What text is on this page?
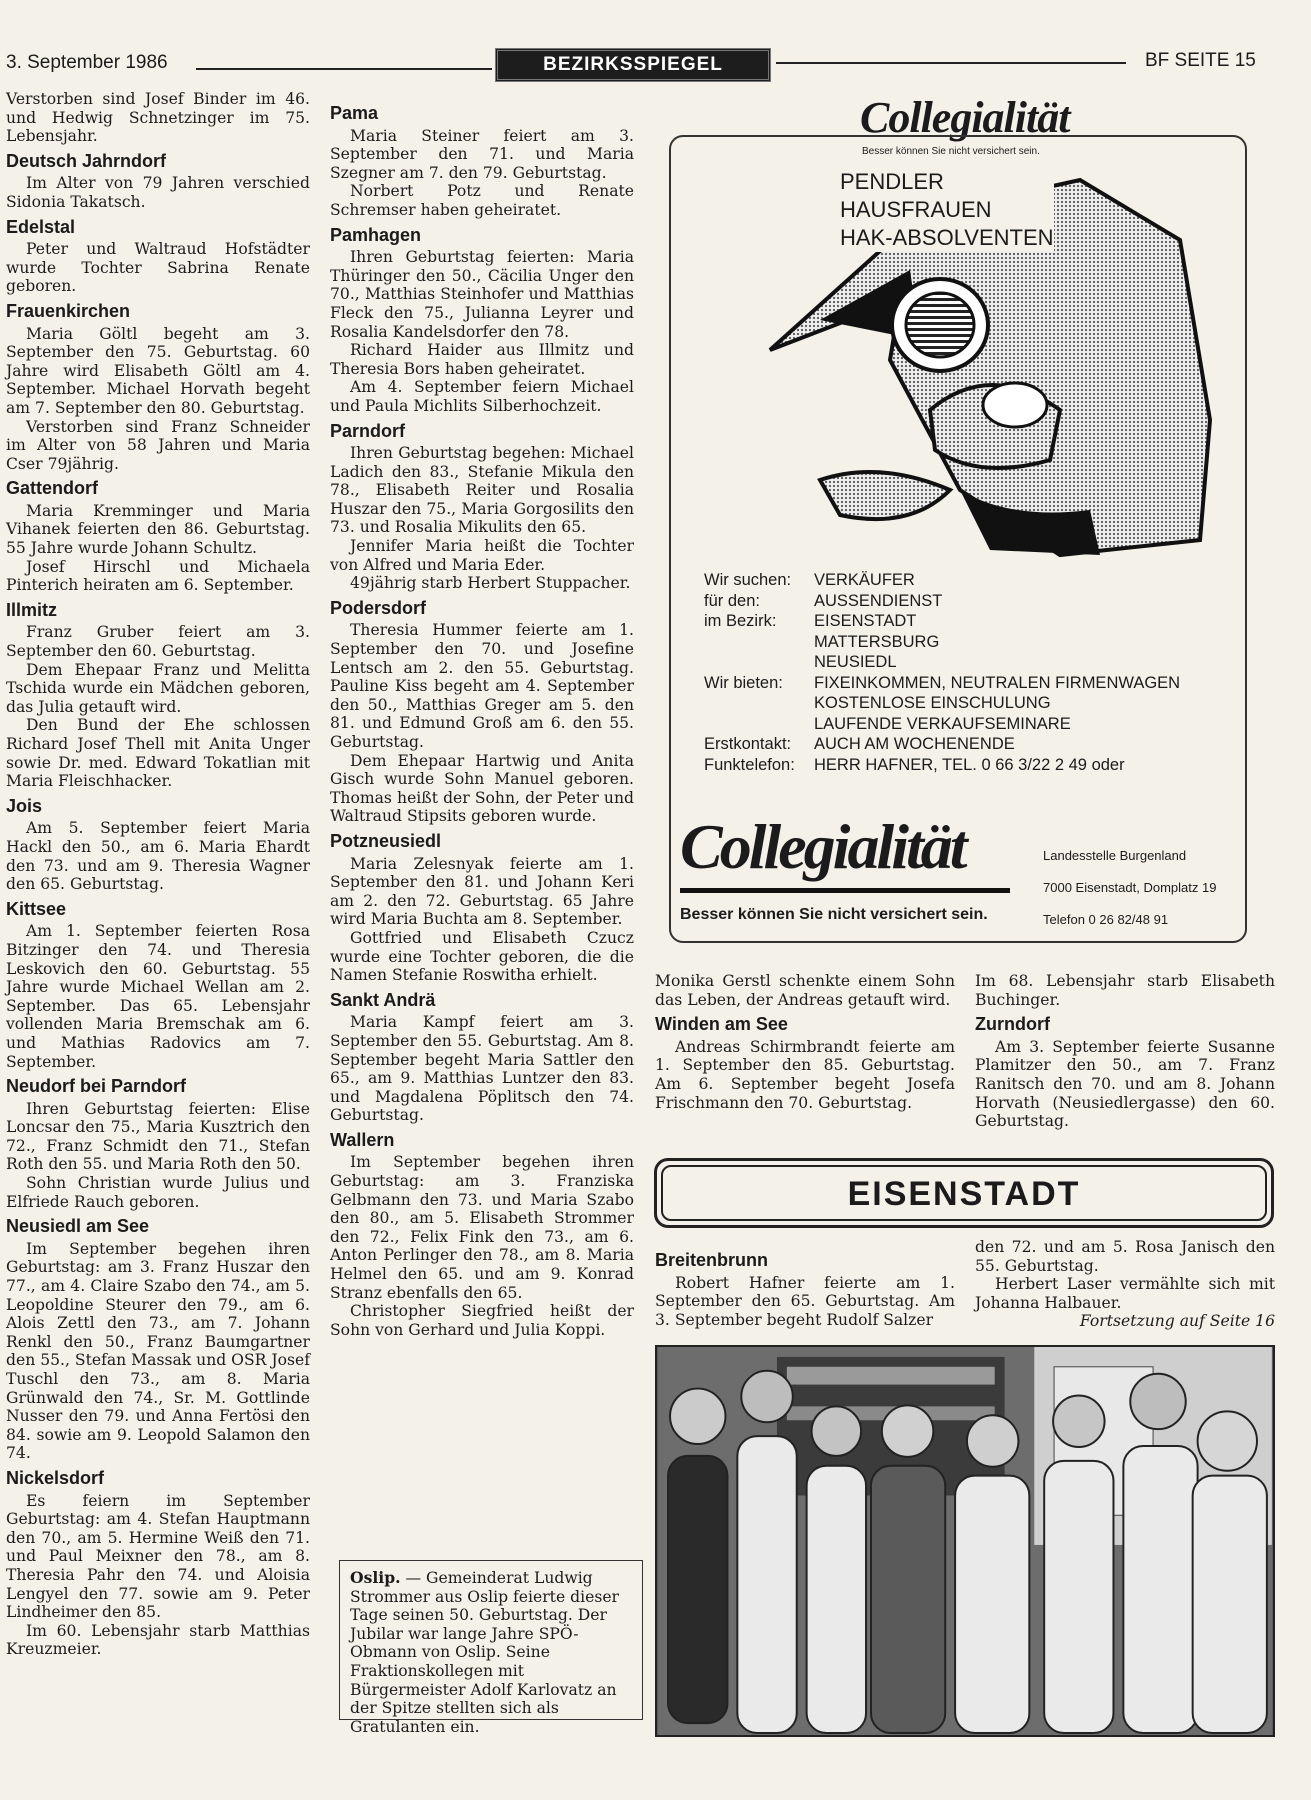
3. September 1986	BEZIRKSSPIEGEL	BF SEITE 15

Verstorben sind Josef Binder im 46. und Hedwig Schnetzinger im 75. Lebensjahr.

Deutsch Jahrndorf

Im Alter von 79 Jahren verschied Sidonia Takatsch.

Edelstal

Peter und Waltraud Hofstädter wurde Tochter Sabrina Renate geboren.

Frauenkirchen

Maria Göltl begeht am 3. September den 75. Geburtstag. 60 Jahre wird Elisabeth Göltl am 4. September. Michael Horvath begeht am 7. September den 80. Geburtstag.

Verstorben sind Franz Schneider im Alter von 58 Jahren und Maria Cser 79jährig.

Gattendorf

Maria Kremminger und Maria Vihanek feierten den 86. Geburtstag. 55 Jahre wurde Johann Schultz.

Josef Hirschl und Michaela Pinterich heiraten am 6. September.

Illmitz

Franz Gruber feiert am 3. September den 60. Geburtstag.

Dem Ehepaar Franz und Melitta Tschida wurde ein Mädchen geboren, das Julia getauft wird.

Den Bund der Ehe schlossen Richard Josef Thell mit Anita Unger sowie Dr. med. Edward Tokatlian mit Maria Fleischhacker.

Jois

Am 5. September feiert Maria Hackl den 50., am 6. Maria Ehardt den 73. und am 9. Theresia Wagner den 65. Geburtstag.

Kittsee

Am 1. September feierten Rosa Bitzinger den 74. und Theresia Leskovich den 60. Geburtstag. 55 Jahre wurde Michael Wellan am 2. September. Das 65. Lebensjahr vollenden Maria Bremschak am 6. und Mathias Radovics am 7. September.

Neudorf bei Parndorf

Ihren Geburtstag feierten: Elise Loncsar den 75., Maria Kusztrich den 72., Franz Schmidt den 71., Stefan Roth den 55. und Maria Roth den 50.

Sohn Christian wurde Julius und Elfriede Rauch geboren.

Neusiedl am See

Im September begehen ihren Geburtstag: am 3. Franz Huszar den 77., am 4. Claire Szabo den 74., am 5. Leopoldine Steurer den 79., am 6. Alois Zettl den 73., am 7. Johann Renkl den 50., Franz Baumgartner den 55., Stefan Massak und OSR Josef Tuschl den 73., am 8. Maria Grünwald den 74., Sr. M. Gottlinde Nusser den 79. und Anna Fertösi den 84. sowie am 9. Leopold Salamon den 74.

Nickelsdorf

Es feiern im September Geburtstag: am 4. Stefan Hauptmann den 70., am 5. Hermine Weiß den 71. und Paul Meixner den 78., am 8. Theresia Pahr den 74. und Aloisia Lengyel den 77. sowie am 9. Peter Lindheimer den 85.

Im 60. Lebensjahr starb Matthias Kreuzmeier.

Pama

Maria Steiner feiert am 3. September den 71. und Maria Szegner am 7. den 79. Geburtstag.

Norbert Potz und Renate Schremser haben geheiratet.

Pamhagen

Ihren Geburtstag feierten: Maria Thüringer den 50., Cäcilia Unger den 70., Matthias Steinhofer und Matthias Fleck den 75., Julianna Leyrer und Rosalia Kandelsdorfer den 78.

Richard Haider aus Illmitz und Theresia Bors haben geheiratet.

Am 4. September feiern Michael und Paula Michlits Silberhochzeit.

Parndorf

Ihren Geburtstag begehen: Michael Ladich den 83., Stefanie Mikula den 78., Elisabeth Reiter und Rosalia Huszar den 75., Maria Gorgosilits den 73. und Rosalia Mikulits den 65.

Jennifer Maria heißt die Tochter von Alfred und Maria Eder.

49jährig starb Herbert Stuppacher.

Podersdorf

Theresia Hummer feierte am 1. September den 70. und Josefine Lentsch am 2. den 55. Geburtstag. Pauline Kiss begeht am 4. September den 50., Matthias Greger am 5. den 81. und Edmund Groß am 6. den 55. Geburtstag.

Dem Ehepaar Hartwig und Anita Gisch wurde Sohn Manuel geboren. Thomas heißt der Sohn, der Peter und Waltraud Stipsits geboren wurde.

Potzneusiedl

Maria Zelesnyak feierte am 1. September den 81. und Johann Keri am 2. den 72. Geburtstag. 65 Jahre wird Maria Buchta am 8. September.

Gottfried und Elisabeth Czucz wurde eine Tochter geboren, die die Namen Stefanie Roswitha erhielt.

Sankt Andrä

Maria Kampf feiert am 3. September den 55. Geburtstag. Am 8. September begeht Maria Sattler den 65., am 9. Matthias Luntzer den 83. und Magdalena Pöplitsch den 74. Geburtstag.

Wallern

Im September begehen ihren Geburtstag: am 3. Franziska Gelbmann den 73. und Maria Szabo den 80., am 5. Elisabeth Strommer den 72., Felix Fink den 73., am 6. Anton Perlinger den 78., am 8. Maria Helmel den 65. und am 9. Konrad Stranz ebenfalls den 65.

Christopher Siegfried heißt der Sohn von Gerhard und Julia Koppi.

Monika Gerstl schenkte einem Sohn das Leben, der Andreas getauft wird.

Winden am See

Andreas Schirmbrandt feierte am 1. September den 85. Geburtstag. Am 6. September begeht Josefa Frischmann den 70. Geburtstag.

Im 68. Lebensjahr starb Elisabeth Buchinger.

Zurndorf

Am 3. September feierte Susanne Plamitzer den 50., am 7. Franz Ranitsch den 70. und am 8. Johann Horvath (Neusiedlergasse) den 60. Geburtstag.

Breitenbrunn

Robert Hafner feierte am 1. September den 65. Geburtstag. Am 3. September begeht Rudolf Salzer

den 72. und am 5. Rosa Janisch den 55. Geburtstag.

Herbert Laser vermählte sich mit Johanna Halbauer.

Fortsetzung auf Seite 16

Collegialität
Besser können Sie nicht versichert sein.
PENDLER
HAUSFRAUEN
HAK-ABSOLVENTEN
Wir suchen:	VERKÄUFER
für den:	AUSSENDIENST
im Bezirk:	EISENSTADT
MATTERSBURG
NEUSIEDL
Wir bieten:	FIXEINKOMMEN, NEUTRALEN FIRMENWAGEN
KOSTENLOSE EINSCHULUNG
LAUFENDE VERKAUFSEMINARE
Erstkontakt:	AUCH AM WOCHENENDE
Funktelefon:	HERR HAFNER, TEL. 0 66 3/22 2 49 oder
Collegialität
Besser können Sie nicht versichert sein.
Landesstelle Burgenland
7000 Eisenstadt, Domplatz 19
Telefon 0 26 82/48 91
EISENSTADT
Oslip. — Gemeinderat Ludwig Strommer aus Oslip feierte dieser Tage seinen 50. Geburtstag. Der Jubilar war lange Jahre SPÖ-Obmann von Oslip. Seine Fraktionskollegen mit Bürgermeister Adolf Karlovatz an der Spitze stellten sich als Gratulanten ein.
